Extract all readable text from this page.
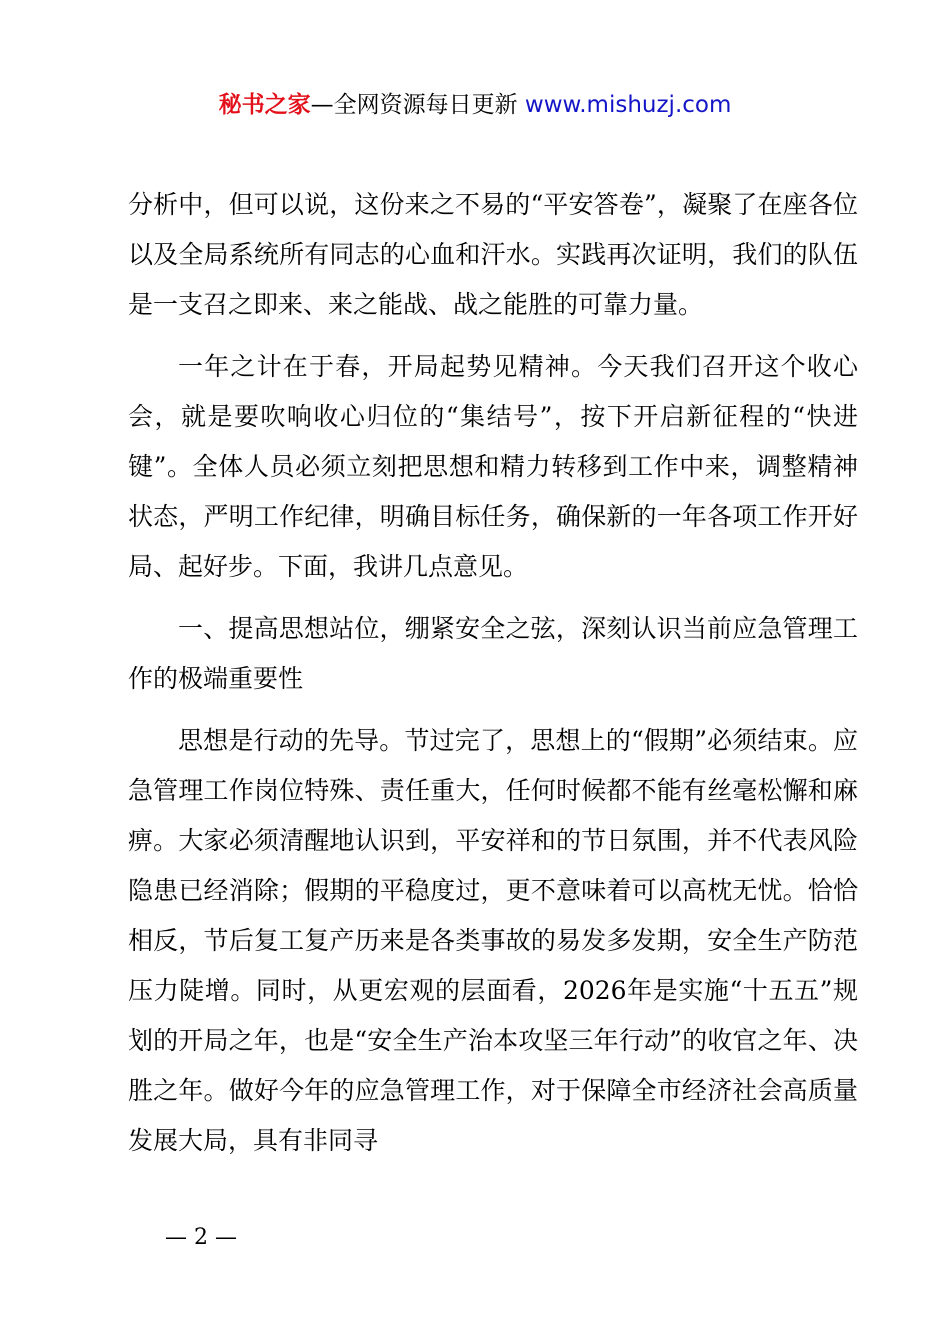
秘书之家—全网资源每日更新 www.mishuzj.com

分析中，但可以说，这份来之不易的“平安答卷”，凝聚了在座各位以及全局系统所有同志的心血和汗水。实践再次证明，我们的队伍是一支召之即来、来之能战、战之能胜的可靠力量。

一年之计在于春，开局起势见精神。今天我们召开这个收心会，就是要吹响收心归位的“集结号”，按下开启新征程的“快进键”。全体人员必须立刻把思想和精力转移到工作中来，调整精神状态，严明工作纪律，明确目标任务，确保新的一年各项工作开好局、起好步。下面，我讲几点意见。

一、提高思想站位，绷紧安全之弦，深刻认识当前应急管理工作的极端重要性

思想是行动的先导。节过完了，思想上的“假期”必须结束。应急管理工作岗位特殊、责任重大，任何时候都不能有丝毫松懈和麻痹。大家必须清醒地认识到，平安祥和的节日氛围，并不代表风险隐患已经消除；假期的平稳度过，更不意味着可以高枕无忧。恰恰相反，节后复工复产历来是各类事故的易发多发期，安全生产防范压力陡增。同时，从更宏观的层面看，2026年是实施“十五五”规划的开局之年，也是“安全生产治本攻坚三年行动”的收官之年、决胜之年。做好今年的应急管理工作，对于保障全市经济社会高质量发展大局，具有非同寻

— 2 —
